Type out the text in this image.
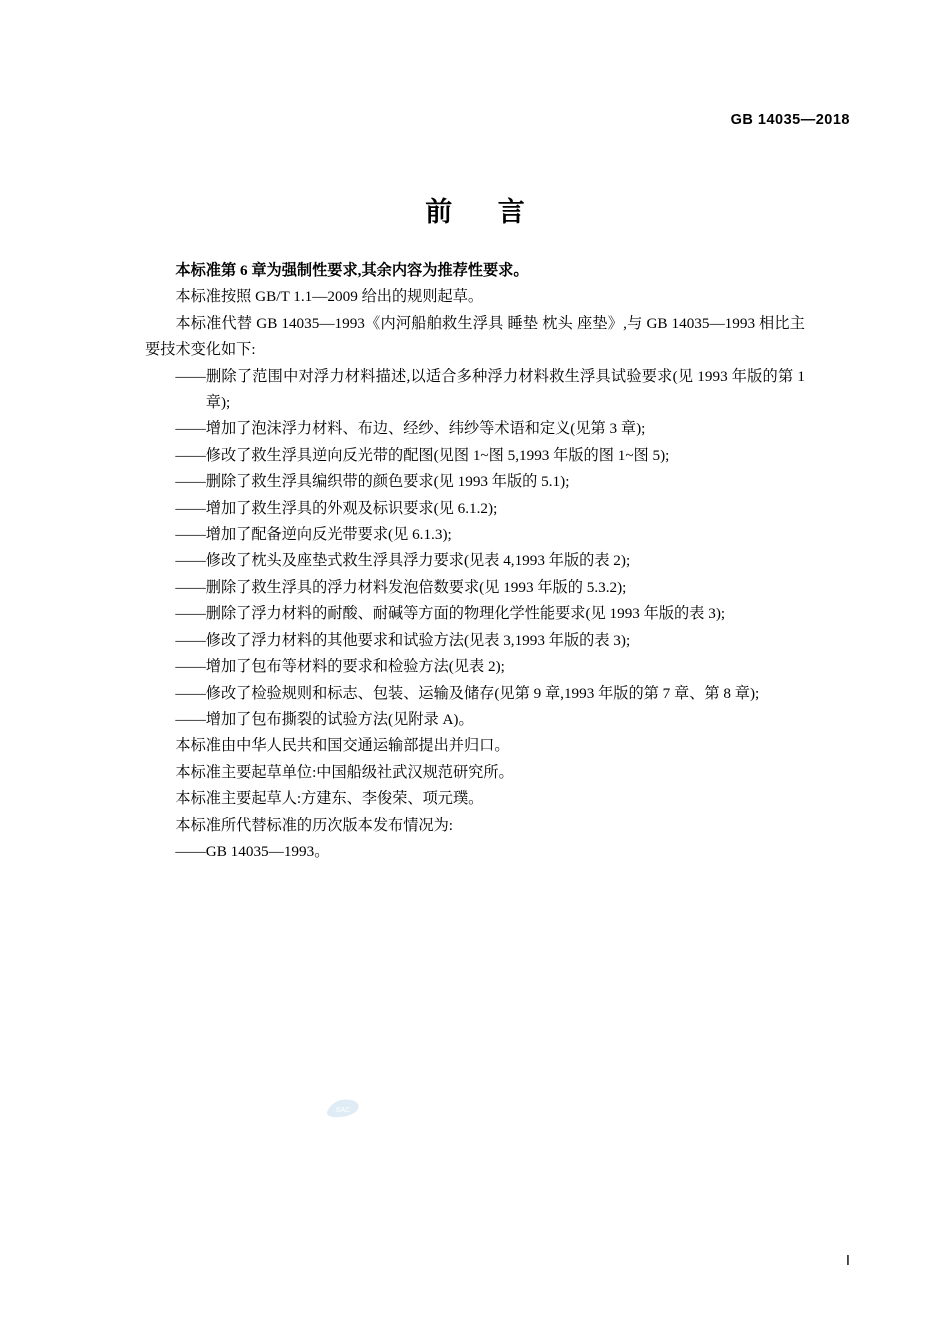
GB 14035—2018
前 言

本标准第 6 章为强制性要求,其余内容为推荐性要求。

本标准按照 GB/T 1.1—2009 给出的规则起草。

本标准代替 GB 14035—1993《内河船舶救生浮具 睡垫 枕头 座垫》,与 GB 14035—1993 相比主要技术变化如下:

——删除了范围中对浮力材料描述,以适合多种浮力材料救生浮具试验要求(见 1993 年版的第 1 章);

——增加了泡沫浮力材料、布边、经纱、纬纱等术语和定义(见第 3 章);

——修改了救生浮具逆向反光带的配图(见图 1~图 5,1993 年版的图 1~图 5);

——删除了救生浮具编织带的颜色要求(见 1993 年版的 5.1);

——增加了救生浮具的外观及标识要求(见 6.1.2);

——增加了配备逆向反光带要求(见 6.1.3);

——修改了枕头及座垫式救生浮具浮力要求(见表 4,1993 年版的表 2);

——删除了救生浮具的浮力材料发泡倍数要求(见 1993 年版的 5.3.2);

——删除了浮力材料的耐酸、耐碱等方面的物理化学性能要求(见 1993 年版的表 3);

——修改了浮力材料的其他要求和试验方法(见表 3,1993 年版的表 3);

——增加了包布等材料的要求和检验方法(见表 2);

——修改了检验规则和标志、包装、运输及储存(见第 9 章,1993 年版的第 7 章、第 8 章);

——增加了包布撕裂的试验方法(见附录 A)。

本标准由中华人民共和国交通运输部提出并归口。

本标准主要起草单位:中国船级社武汉规范研究所。

本标准主要起草人:方建东、李俊荣、项元璞。

本标准所代替标准的历次版本发布情况为:

——GB 14035—1993。

SAC
Ⅰ
